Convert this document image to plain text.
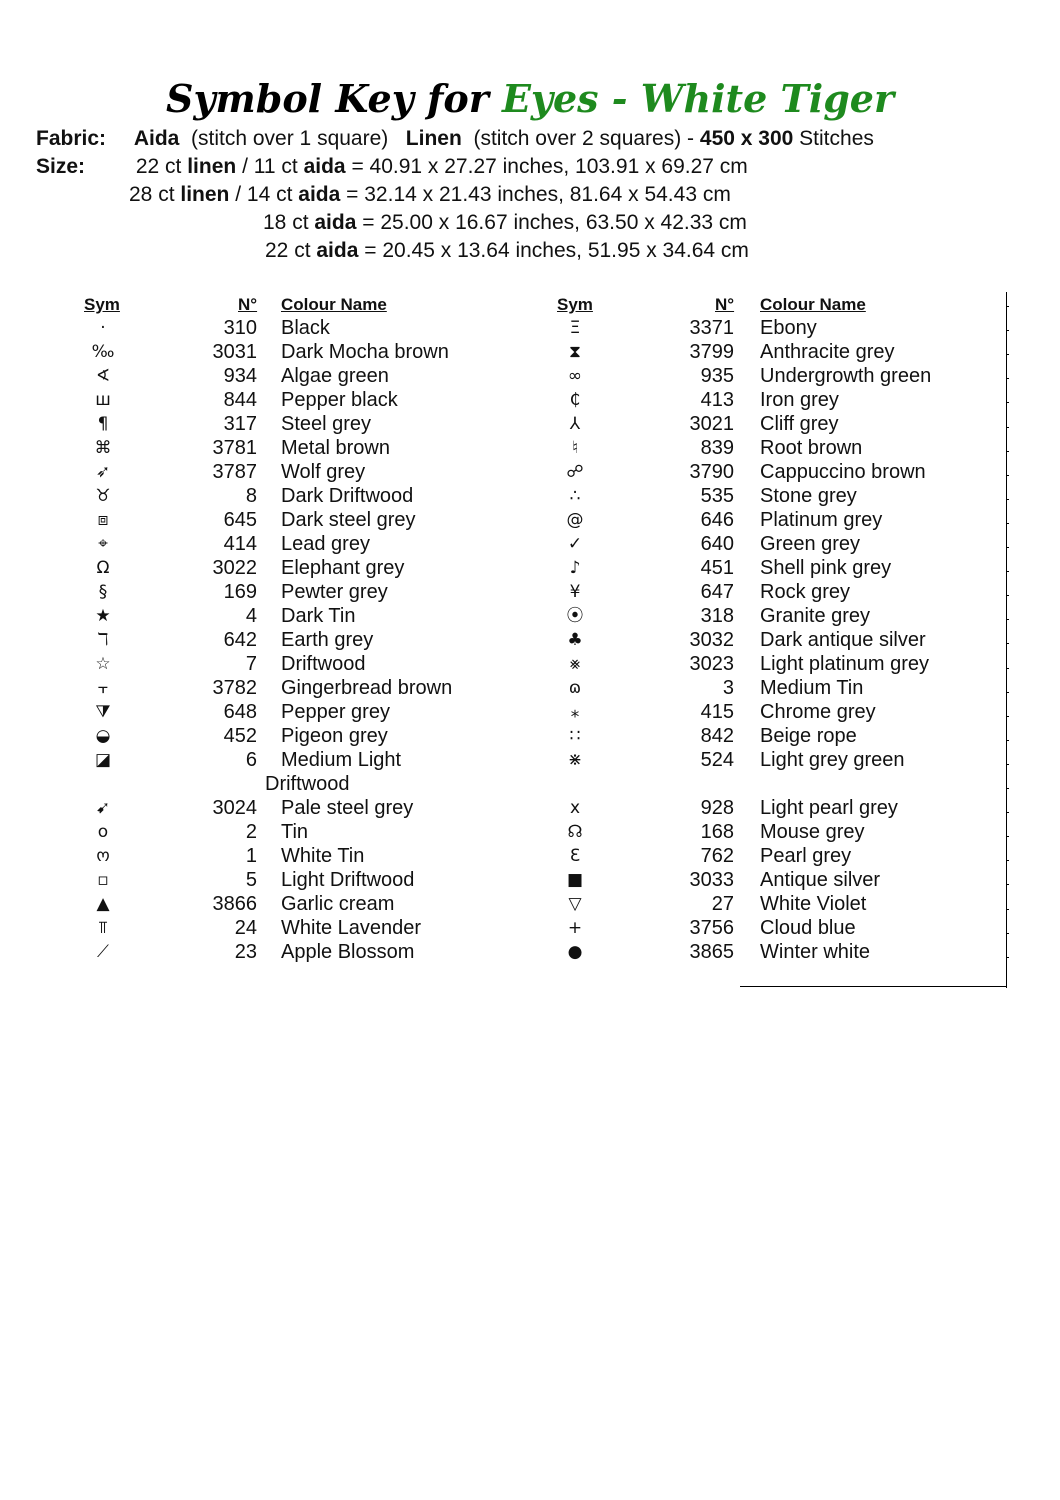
Symbol Key for Eyes - White Tiger
Fabric: Aida (stitch over 1 square) Linen (stitch over 2 squares) - 450 x 300 Stitches
Size: 22 ct linen / 11 ct aida = 40.91 x 27.27 inches, 103.91 x 69.27 cm
28 ct linen / 14 ct aida = 32.14 x 21.43 inches, 81.64 x 54.43 cm
18 ct aida = 25.00 x 16.67 inches, 63.50 x 42.33 cm
22 ct aida = 20.45 x 13.64 inches, 51.95 x 34.64 cm
Sym	N° Colour Name	Sym	N° Colour Name
·	310 Black
‰	3031 Dark Mocha brown
∢	934 Algae green
ш	844 Pepper black
¶	317 Steel grey
⌘	3781 Metal brown
➶	3787 Wolf grey
♉	8 Dark Driftwood
⧈	645 Dark steel grey
⌖	414 Lead grey
Ω	3022 Elephant grey
§	169 Pewter grey
★	4 Dark Tin
ℸ	642 Earth grey
☆	7 Driftwood
⫟	3782 Gingerbread brown
⧩	648 Pepper grey
◒	452 Pigeon grey
◪	6 Medium Light
Driftwood
➹	3024 Pale steel grey
o	2 Tin
ო	1 White Tin
▫	5 Light Driftwood
▲	3866 Garlic cream
⫪	24 White Lavender
⟋	23 Apple Blossom
Ξ	3371 Ebony
⧗	3799 Anthracite grey
∞	935 Undergrowth green
₵	413 Iron grey
⅄	3021 Cliff grey
♮	839 Root brown
☍	3790 Cappuccino brown
∴	535 Stone grey
@	646 Platinum grey
✓	640 Green grey
♪	451 Shell pink grey
¥	647 Rock grey
⦿	318 Granite grey
♣	3032 Dark antique silver
⨳	3023 Light platinum grey
ɷ	3 Medium Tin
⁎	415 Chrome grey
∷	842 Beige rope
⋇	524 Light grey green
x	928 Light pearl grey
☊	168 Mouse grey
Ɛ	762 Pearl grey
■	3033 Antique silver
▽	27 White Violet
+	3756 Cloud blue
●	3865 Winter white
